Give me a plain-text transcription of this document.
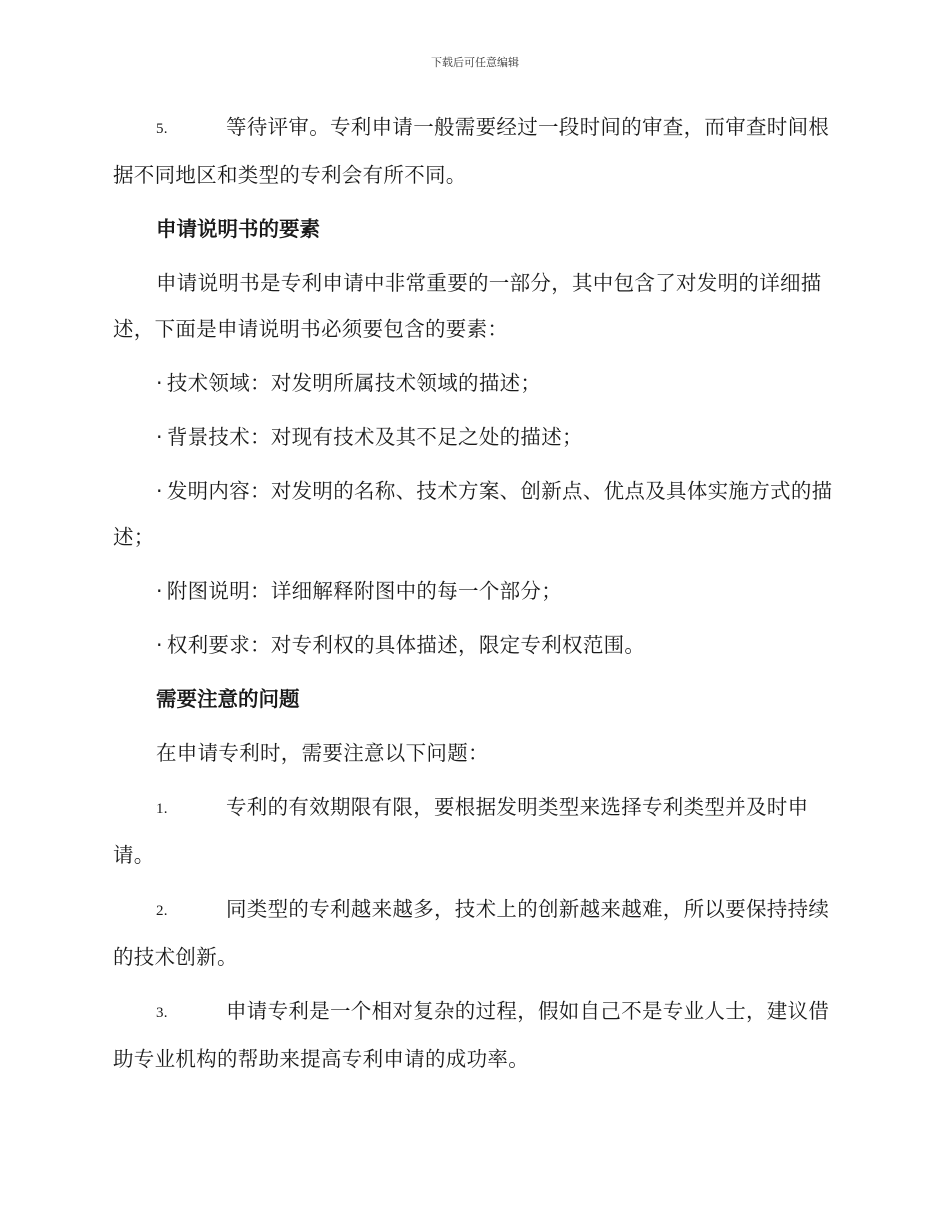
下载后可任意编辑

5.	等待评审。专利申请一般需要经过一段时间的审查，而审查时间根据不同地区和类型的专利会有所不同。

申请说明书的要素

申请说明书是专利申请中非常重要的一部分，其中包含了对发明的详细描述，下面是申请说明书必须要包含的要素：

· 技术领域：对发明所属技术领域的描述；

· 背景技术：对现有技术及其不足之处的描述；

· 发明内容：对发明的名称、技术方案、创新点、优点及具体实施方式的描述；

· 附图说明：详细解释附图中的每一个部分；

· 权利要求：对专利权的具体描述，限定专利权范围。

需要注意的问题

在申请专利时，需要注意以下问题：

1.	专利的有效期限有限，要根据发明类型来选择专利类型并及时申请。

2.	同类型的专利越来越多，技术上的创新越来越难，所以要保持持续的技术创新。

3.	申请专利是一个相对复杂的过程，假如自己不是专业人士，建议借助专业机构的帮助来提高专利申请的成功率。
